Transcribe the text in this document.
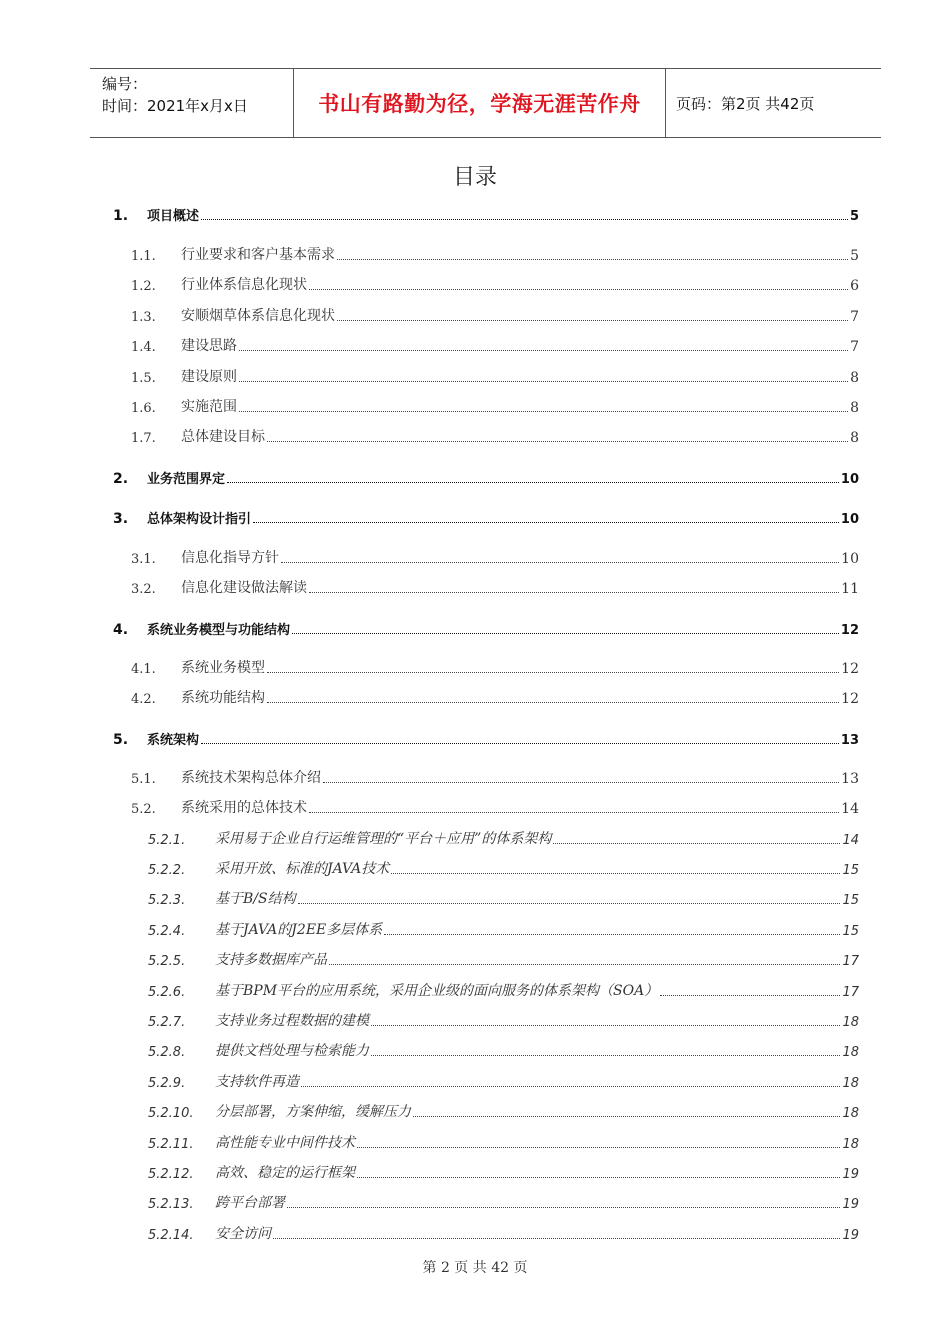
编号：
时间：2021年x月x日	书山有路勤为径，学海无涯苦作舟	页码：第2页 共42页
目录
1.	项目概述	5
1.1.	行业要求和客户基本需求	5
1.2.	行业体系信息化现状	6
1.3.	安顺烟草体系信息化现状	7
1.4.	建设思路	7
1.5.	建设原则	8
1.6.	实施范围	8
1.7.	总体建设目标	8
2.	业务范围界定	10
3.	总体架构设计指引	10
3.1.	信息化指导方针	10
3.2.	信息化建设做法解读	11
4.	系统业务模型与功能结构	12
4.1.	系统业务模型	12
4.2.	系统功能结构	12
5.	系统架构	13
5.1.	系统技术架构总体介绍	13
5.2.	系统采用的总体技术	14
5.2.1.	采用易于企业自行运维管理的“平台＋应用”的体系架构	14
5.2.2.	采用开放、标准的JAVA技术	15
5.2.3.	基于B/S结构	15
5.2.4.	基于JAVA的J2EE多层体系	15
5.2.5.	支持多数据库产品	17
5.2.6.	基于BPM平台的应用系统，采用企业级的面向服务的体系架构（SOA）	17
5.2.7.	支持业务过程数据的建模	18
5.2.8.	提供文档处理与检索能力	18
5.2.9.	支持软件再造	18
5.2.10.	分层部署，方案伸缩，缓解压力	18
5.2.11.	高性能专业中间件技术	18
5.2.12.	高效、稳定的运行框架	19
5.2.13.	跨平台部署	19
5.2.14.	安全访问	19
第 2 页 共 42 页
